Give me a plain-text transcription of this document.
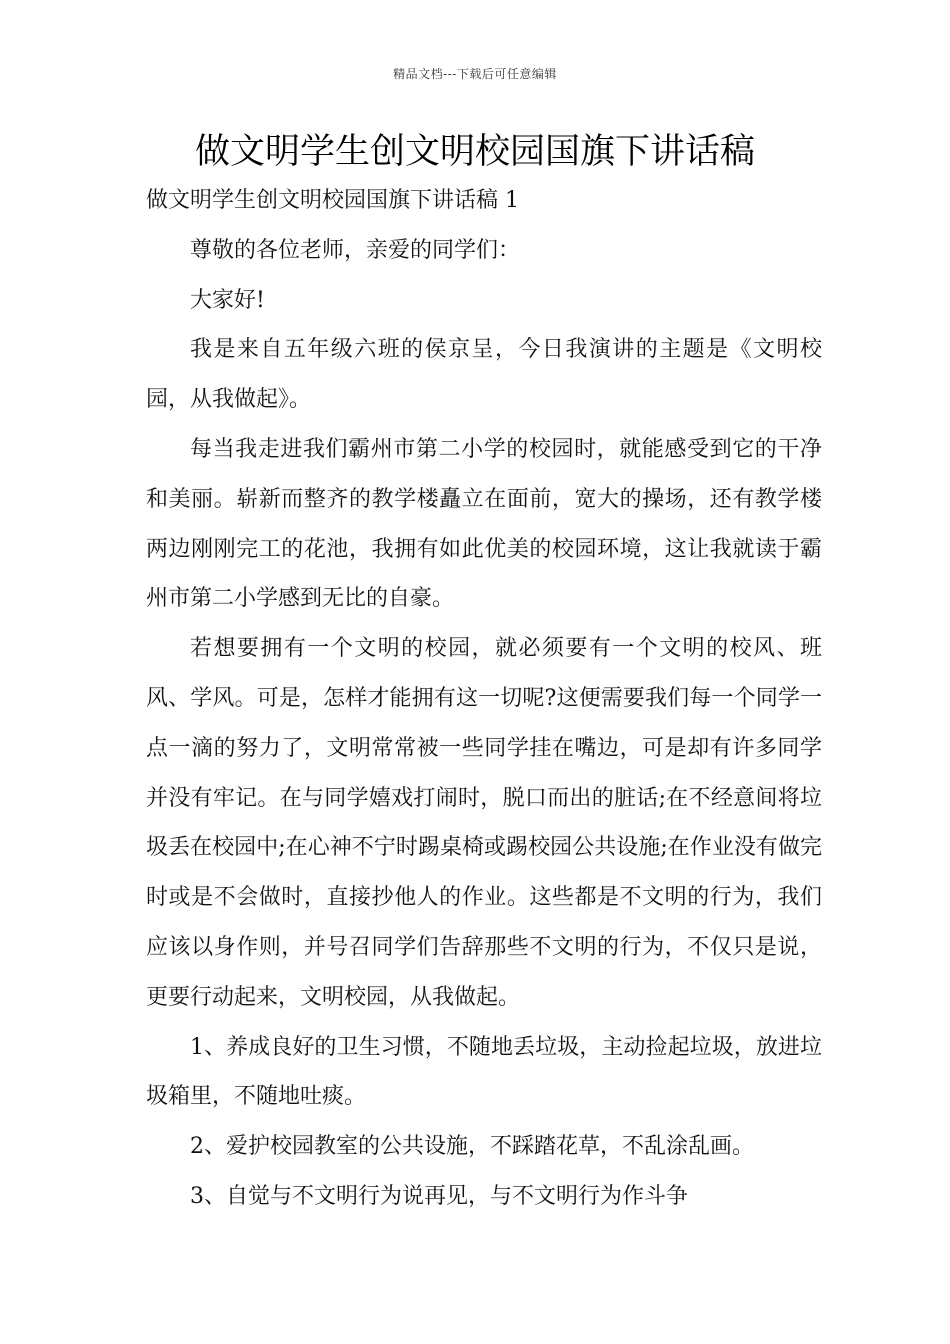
精品文档---下载后可任意编辑
做文明学生创文明校园国旗下讲话稿

做文明学生创文明校园国旗下讲话稿 1

尊敬的各位老师，亲爱的同学们：

大家好!

我是来自五年级六班的侯京呈，今日我演讲的主题是《文明校园，从我做起》。

每当我走进我们霸州市第二小学的校园时，就能感受到它的干净和美丽。崭新而整齐的教学楼矗立在面前，宽大的操场，还有教学楼两边刚刚完工的花池，我拥有如此优美的校园环境，这让我就读于霸州市第二小学感到无比的自豪。

若想要拥有一个文明的校园，就必须要有一个文明的校风、班风、学风。可是，怎样才能拥有这一切呢?这便需要我们每一个同学一点一滴的努力了，文明常常被一些同学挂在嘴边，可是却有许多同学并没有牢记。在与同学嬉戏打闹时，脱口而出的脏话;在不经意间将垃圾丢在校园中;在心神不宁时踢桌椅或踢校园公共设施;在作业没有做完时或是不会做时，直接抄他人的作业。这些都是不文明的行为，我们应该以身作则，并号召同学们告辞那些不文明的行为，不仅只是说，更要行动起来，文明校园，从我做起。

1、养成良好的卫生习惯，不随地丢垃圾，主动捡起垃圾，放进垃圾箱里，不随地吐痰。

2、爱护校园教室的公共设施，不踩踏花草，不乱涂乱画。

3、自觉与不文明行为说再见，与不文明行为作斗争
